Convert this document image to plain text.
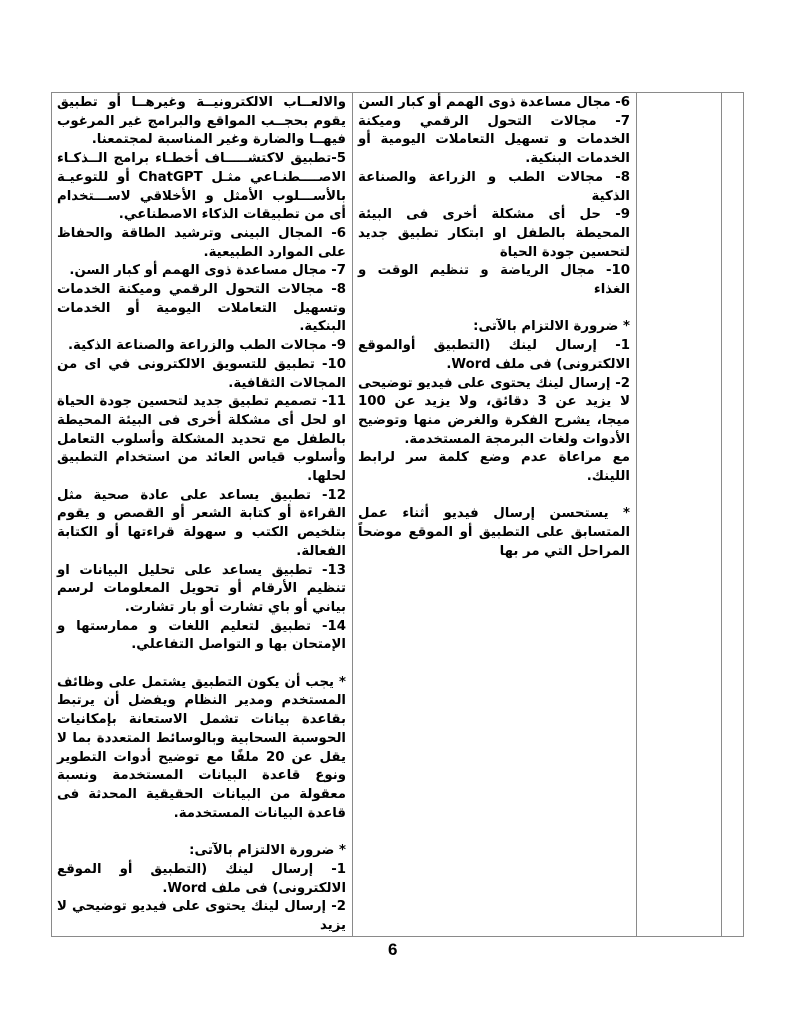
والالعــاب الالكترونيــة وغيرهــا أو تطبيق يقوم بحجــب المواقع والبرامج غير المرغوب فيهــا والضارة وغير المناسبة لمجتمعنا.

5-تطبيق لاكتشـــــاف أخطـاء برامج الــذكـاء الاصــــطنـاعي مثـل ChatGPT أو للتوعيـة بالأســـلوب الأمثل و الأخلاقي لاســـتخدام أى من تطبيقات الذكاء الاصطناعي.

6- المجال البينى وترشيد الطاقة والحفاظ على الموارد الطبيعية.

7- مجال مساعدة ذوى الهمم أو كبار السن.

8- مجالات التحول الرقمي وميكنة الخدمات وتسهيل التعاملات اليومية أو الخدمات البنكية.

9- مجالات الطب والزراعة والصناعة الذكية.

10- تطبيق للتسويق الالكترونى في اى من المجالات الثقافية.

11- تصميم تطبيق جديد لتحسين جودة الحياة او لحل أى مشكلة أخرى فى البيئة المحيطة بالطفل مع تحديد المشكلة وأسلوب التعامل وأسلوب قياس العائد من استخدام التطبيق لحلها.

12- تطبيق يساعد على عادة صحية مثل القراءة أو كتابة الشعر أو القصص و يقوم بتلخيص الكتب و سهولة قراءتها أو الكتابة الفعالة.

13- تطبيق يساعد على تحليل البيانات او تنظيم الأرقام أو تحويل المعلومات لرسم بياني أو باي تشارت أو بار تشارت.

14- تطبيق لتعليم اللغات و ممارستها و الإمتحان بها و التواصل التفاعلي.

* يجب أن يكون التطبيق يشتمل على وظائف المستخدم ومدير النظام ويفضل أن يرتبط بقاعدة بيانات تشمل الاستعانة بإمكانيات الحوسبة السحابية وبالوسائط المتعددة بما لا يقل عن 20 ملفًا مع توضيح أدوات التطوير ونوع قاعدة البيانات المستخدمة ونسبة معقولة من البيانات الحقيقية المحدثة فى قاعدة البيانات المستخدمة.

* ضرورة الالتزام بالآتى:

1- إرسال لينك (التطبيق أو الموقع الالكترونى) فى ملف Word.

2- إرسال لينك يحتوى على فيديو توضيحي لا يزيد

6- مجال مساعدة ذوى الهمم أو كبار السن

7- مجالات التحول الرقمي وميكنة الخدمات و تسهيل التعاملات اليومية أو الخدمات البنكية.

8- مجالات الطب و الزراعة والصناعة الذكية

9- حل أى مشكلة أخرى فى البيئة المحيطة بالطفل او ابتكار تطبيق جديد لتحسين جودة الحياة

10- مجال الرياضة و تنظيم الوقت و الغذاء

* ضرورة الالتزام بالآتى:

1- إرسال لينك (التطبيق أوالموقع الالكترونى) فى ملف Word.

2- إرسال لينك يحتوى على فيديو توضيحى لا يزيد عن 3 دقائق، ولا يزيد عن 100 ميجا، يشرح الفكرة والغرض منها وتوضيح الأدوات ولغات البرمجة المستخدمة.

مع مراعاة عدم وضع كلمة سر لرابط اللينك.

* يستحسن إرسال فيديو أثناء عمل المتسابق على التطبيق أو الموقع موضحاً المراحل التي مر بها

6
